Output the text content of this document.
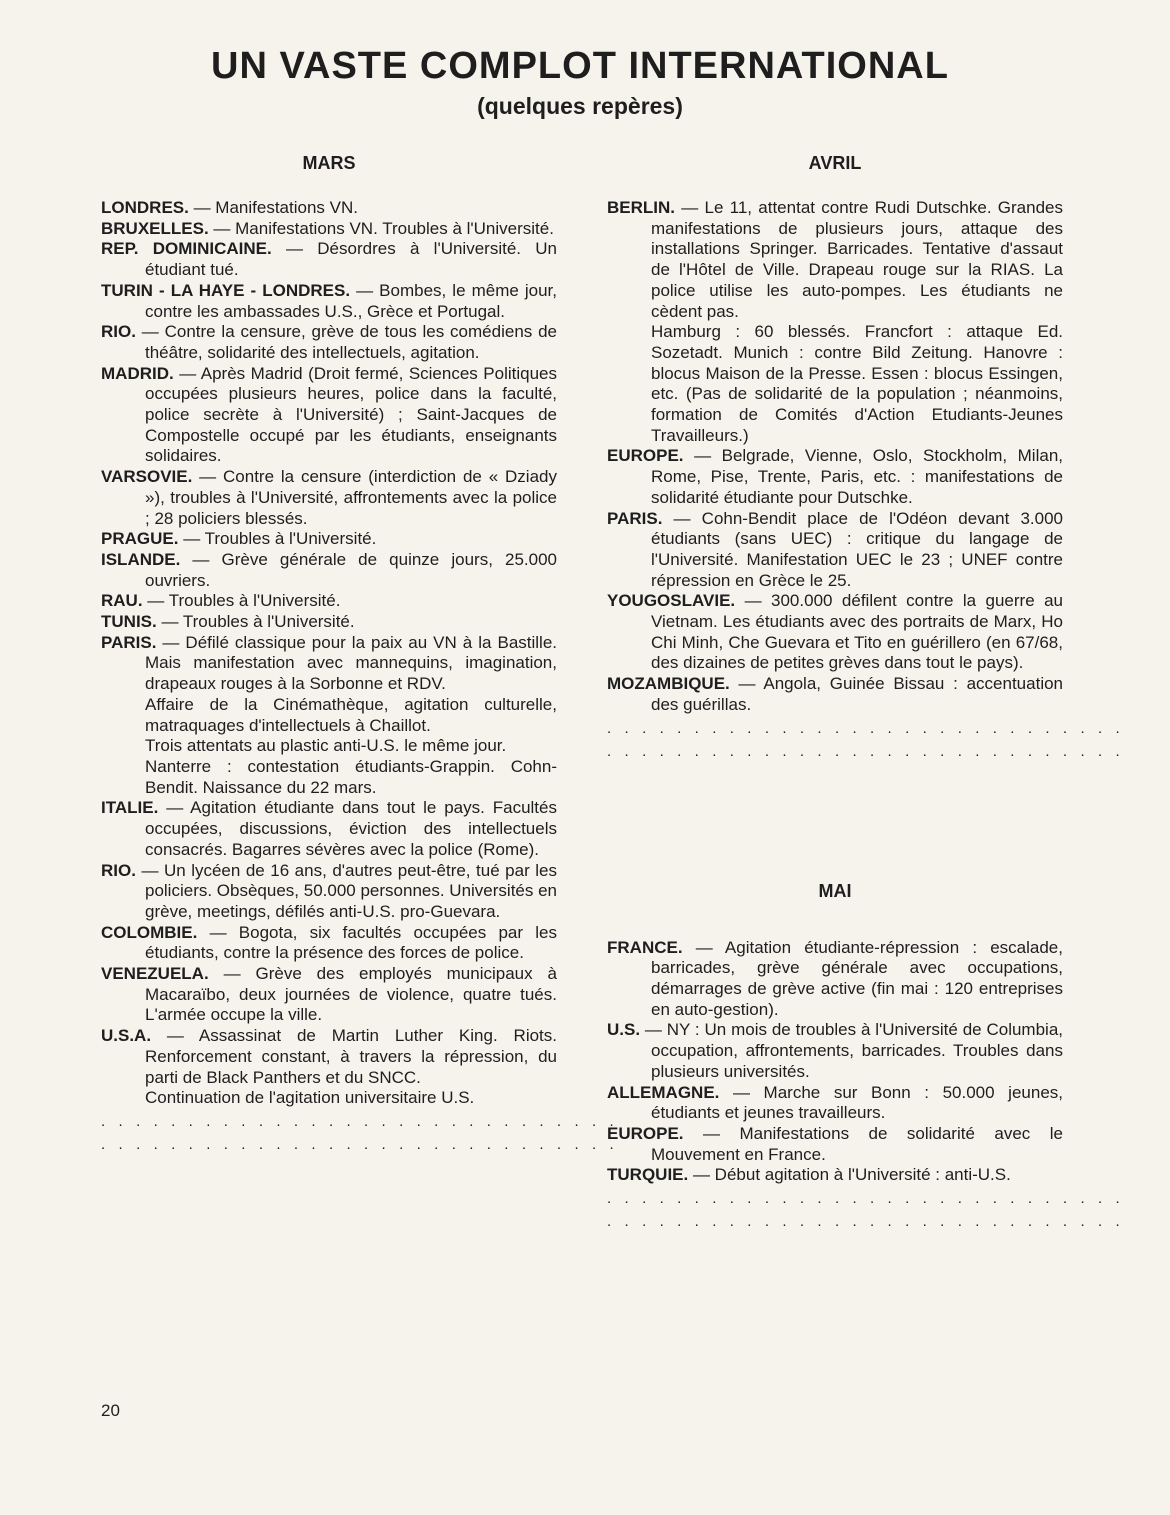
UN VASTE COMPLOT INTERNATIONAL
(quelques repères)
MARS

LONDRES. — Manifestations VN.

BRUXELLES. — Manifestations VN. Troubles à l'Université.

REP. DOMINICAINE. — Désordres à l'Université. Un étudiant tué.

TURIN - LA HAYE - LONDRES. — Bombes, le même jour, contre les ambassades U.S., Grèce et Portugal.

RIO. — Contre la censure, grève de tous les comédiens de théâtre, solidarité des intellectuels, agitation.

MADRID. — Après Madrid (Droit fermé, Sciences Politiques occupées plusieurs heures, police dans la faculté, police secrète à l'Université) ; Saint-Jacques de Compostelle occupé par les étudiants, enseignants solidaires.

VARSOVIE. — Contre la censure (interdiction de « Dziady »), troubles à l'Université, affrontements avec la police ; 28 policiers blessés.

PRAGUE. — Troubles à l'Université.

ISLANDE. — Grève générale de quinze jours, 25.000 ouvriers.

RAU. — Troubles à l'Université.

TUNIS. — Troubles à l'Université.

PARIS. — Défilé classique pour la paix au VN à la Bastille. Mais manifestation avec mannequins, imagination, drapeaux rouges à la Sorbonne et RDV.

Affaire de la Cinémathèque, agitation culturelle, matraquages d'intellectuels à Chaillot.

Trois attentats au plastic anti-U.S. le même jour.

Nanterre : contestation étudiants-Grappin. Cohn-Bendit. Naissance du 22 mars.

ITALIE. — Agitation étudiante dans tout le pays. Facultés occupées, discussions, éviction des intellectuels consacrés. Bagarres sévères avec la police (Rome).

RIO. — Un lycéen de 16 ans, d'autres peut-être, tué par les policiers. Obsèques, 50.000 personnes. Universités en grève, meetings, défilés anti-U.S. pro-Guevara.

COLOMBIE. — Bogota, six facultés occupées par les étudiants, contre la présence des forces de police.

VENEZUELA. — Grève des employés municipaux à Macaraïbo, deux journées de violence, quatre tués. L'armée occupe la ville.

U.S.A. — Assassinat de Martin Luther King. Riots. Renforcement constant, à travers la répression, du parti de Black Panthers et du SNCC.

Continuation de l'agitation universitaire U.S.

. . . . . . . . . . . . . . . . . . . . . . . . . . . . . .
. . . . . . . . . . . . . . . . . . . . . . . . . . . . . .
AVRIL

BERLIN. — Le 11, attentat contre Rudi Dutschke. Grandes manifestations de plusieurs jours, attaque des installations Springer. Barricades. Tentative d'assaut de l'Hôtel de Ville. Drapeau rouge sur la RIAS. La police utilise les auto-pompes. Les étudiants ne cèdent pas.

Hamburg : 60 blessés. Francfort : attaque Ed. Sozetadt. Munich : contre Bild Zeitung. Hanovre : blocus Maison de la Presse. Essen : blocus Essingen, etc. (Pas de solidarité de la population ; néanmoins, formation de Comités d'Action Etudiants-Jeunes Travailleurs.)

EUROPE. — Belgrade, Vienne, Oslo, Stockholm, Milan, Rome, Pise, Trente, Paris, etc. : manifestations de solidarité étudiante pour Dutschke.

PARIS. — Cohn-Bendit place de l'Odéon devant 3.000 étudiants (sans UEC) : critique du langage de l'Université. Manifestation UEC le 23 ; UNEF contre répression en Grèce le 25.

YOUGOSLAVIE. — 300.000 défilent contre la guerre au Vietnam. Les étudiants avec des portraits de Marx, Ho Chi Minh, Che Guevara et Tito en guérillero (en 67/68, des dizaines de petites grèves dans tout le pays).

MOZAMBIQUE. — Angola, Guinée Bissau : accentuation des guérillas.

. . . . . . . . . . . . . . . . . . . . . . . . . . . . . .
. . . . . . . . . . . . . . . . . . . . . . . . . . . . . .
MAI

FRANCE. — Agitation étudiante-répression : escalade, barricades, grève générale avec occupations, démarrages de grève active (fin mai : 120 entreprises en auto-gestion).

U.S. — NY : Un mois de troubles à l'Université de Columbia, occupation, affrontements, barricades. Troubles dans plusieurs universités.

ALLEMAGNE. — Marche sur Bonn : 50.000 jeunes, étudiants et jeunes travailleurs.

EUROPE. — Manifestations de solidarité avec le Mouvement en France.

TURQUIE. — Début agitation à l'Université : anti-U.S.

. . . . . . . . . . . . . . . . . . . . . . . . . . . . . .
. . . . . . . . . . . . . . . . . . . . . . . . . . . . . .
20
